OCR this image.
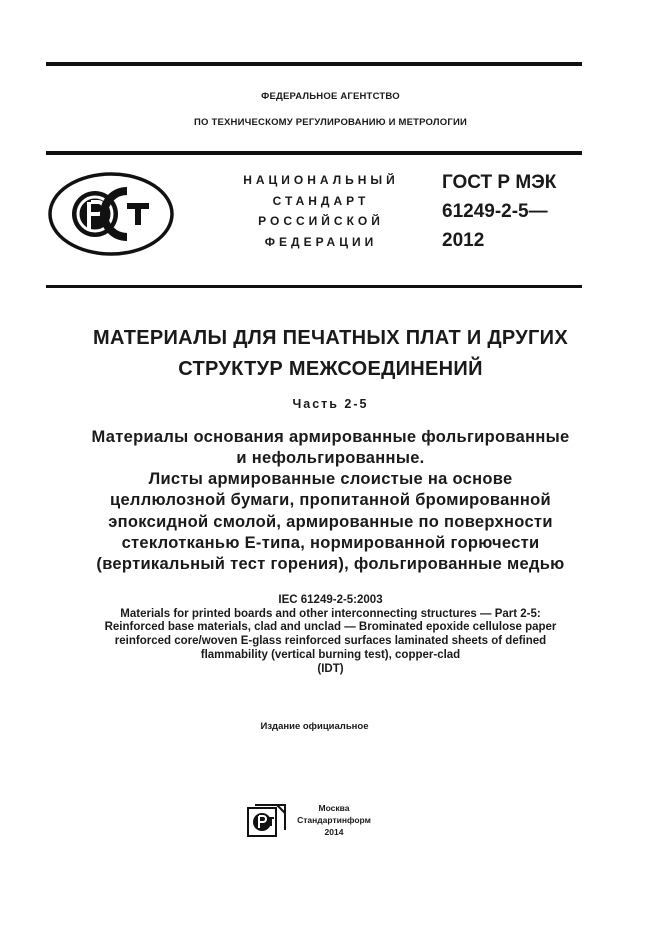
ФЕДЕРАЛЬНОЕ АГЕНТСТВО
ПО ТЕХНИЧЕСКОМУ РЕГУЛИРОВАНИЮ И МЕТРОЛОГИИ
НАЦИОНАЛЬНЫЙ
СТАНДАРТ
РОССИЙСКОЙ
ФЕДЕРАЦИИ
ГОСТ Р МЭК
61249-2-5—
2012
МАТЕРИАЛЫ ДЛЯ ПЕЧАТНЫХ ПЛАТ И ДРУГИХ
СТРУКТУР МЕЖСОЕДИНЕНИЙ
Часть 2-5
Материалы основания армированные фольгированные
и нефольгированные.
Листы армированные слоистые на основе
целлюлозной бумаги, пропитанной бромированной
эпоксидной смолой, армированные по поверхности
стеклотканью Е-типа, нормированной горючести
(вертикальный тест горения), фольгированные медью
IEC 61249-2-5:2003
Materials for printed boards and other interconnecting structures — Part 2-5:
Reinforced base materials, clad and unclad — Brominated epoxide cellulose paper
reinforced core/woven E-glass reinforced surfaces laminated sheets of defined
flammability (vertical burning test), copper-clad
(IDT)
Издание официальное
Москва
Стандартинформ
2014
